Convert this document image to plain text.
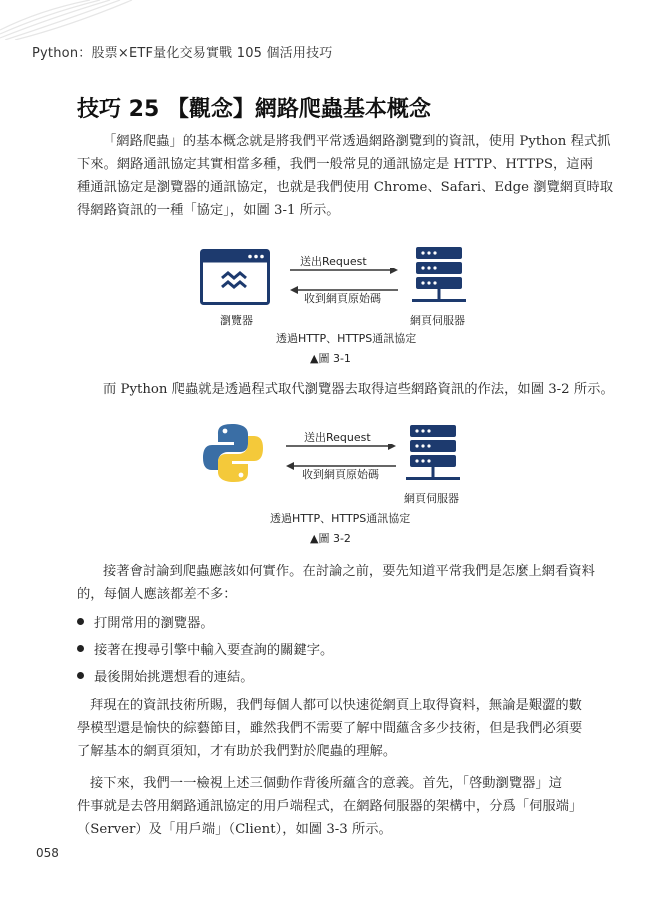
Python：股票×ETF量化交易實戰 105 個活用技巧
技巧 25 【觀念】網路爬蟲基本概念
「網路爬蟲」的基本概念就是將我們平常透過網路瀏覽到的資訊，使用 Python 程式抓
下來。網路通訊協定其實相當多種，我們一般常見的通訊協定是 HTTP、HTTPS，這兩
種通訊協定是瀏覽器的通訊協定，也就是我們使用 Chrome、Safari、Edge 瀏覽網頁時取
得網路資訊的一種「協定」，如圖 3-1 所示。
送出Request
收到網頁原始碼
瀏覽器	網頁伺服器
透過HTTP、HTTPS通訊協定
▲圖 3-1
而 Python 爬蟲就是透過程式取代瀏覽器去取得這些網路資訊的作法，如圖 3-2 所示。
送出Request
收到網頁原始碼
網頁伺服器
透過HTTP、HTTPS通訊協定
▲圖 3-2
接著會討論到爬蟲應該如何實作。在討論之前，要先知道平常我們是怎麼上網看資料
的，每個人應該都差不多：
打開常用的瀏覽器。
接著在搜尋引擎中輸入要查詢的關鍵字。
最後開始挑選想看的連結。
拜現在的資訊技術所賜，我們每個人都可以快速從網頁上取得資料，無論是艱澀的數
學模型還是愉快的綜藝節目，雖然我們不需要了解中間蘊含多少技術，但是我們必須要
了解基本的網頁須知，才有助於我們對於爬蟲的理解。
接下來，我們一一檢視上述三個動作背後所蘊含的意義。首先，「啓動瀏覽器」這
件事就是去啓用網路通訊協定的用戶端程式，在網路伺服器的架構中，分爲「伺服端」
（Server）及「用戶端」（Client），如圖 3-3 所示。
058
